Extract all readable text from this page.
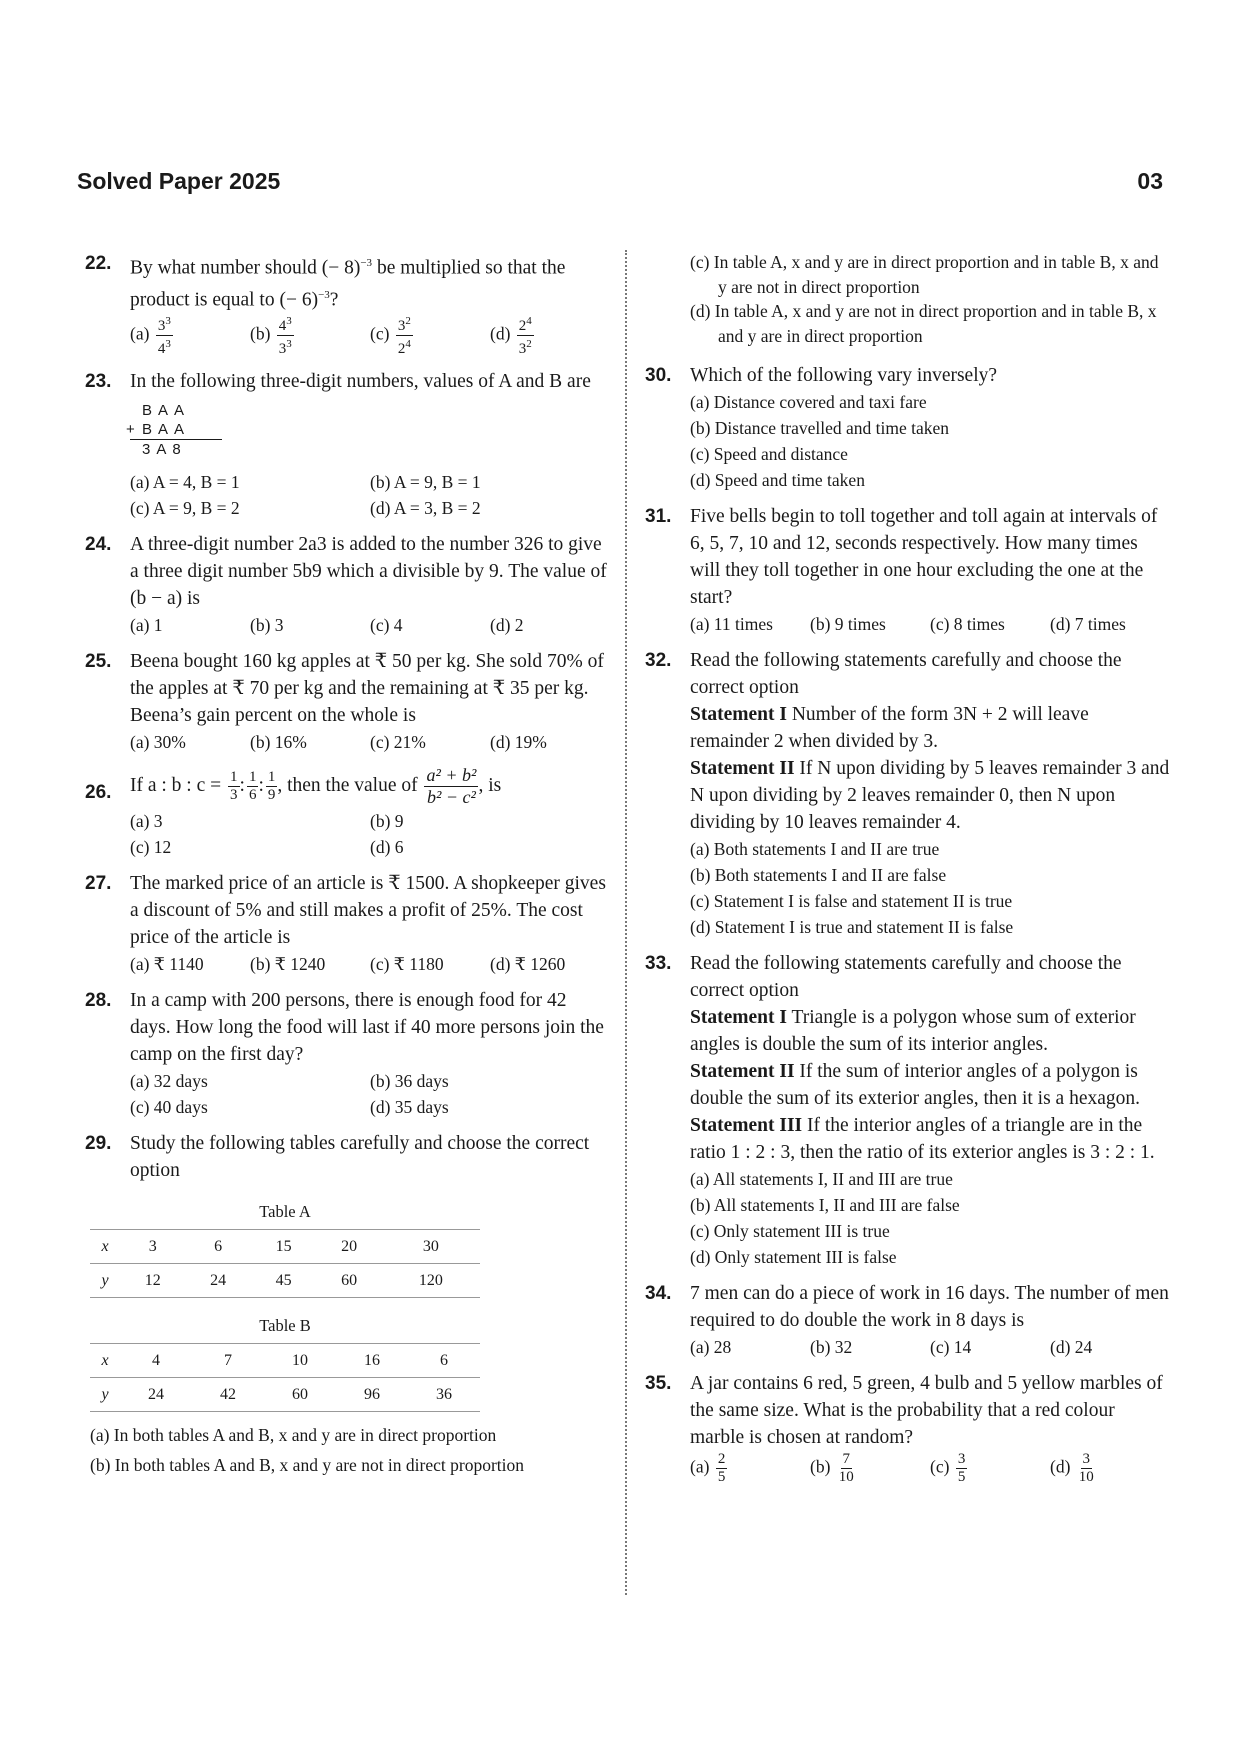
Solved Paper 2025	03
22. By what number should (− 8)$^{-3}$ be multiplied so that the product is equal to (− 6)$^{-3}$?
$(a) \frac{3^3}{4^3}$	$(b) \frac{4^3}{3^3}$	$(c) \frac{3^2}{2^4}$	$(d) \frac{2^4}{3^2}$
23. In the following three-digit numbers, values of A and B are
BAA
+ BAA
3A8
(a) A = 4, B = 1	(b) A = 9, B = 1
(c) A = 9, B = 2	(d) A = 3, B = 2
24. A three-digit number 2a3 is added to the number 326 to give a three digit number 5b9 which a divisible by 9. The value of (b − a) is
(a) 1	(b) 3	(c) 4	(d) 2
25. Beena bought 160 kg apples at ₹ 50 per kg. She sold 70% of the apples at ₹ 70 per kg and the remaining at ₹ 35 per kg. Beena’s gain percent on the whole is
(a) 30%	(b) 16%	(c) 21%	(d) 19%
26. If a : b : $c = \frac{1}{3}$ : $\frac{1}{6}$ : $\frac{1}{9}$ , then the value of $\frac{\text{a² + b²}}{\text{b² − c²}}$ , is
(a) 3	(b) 9
(c) 12	(d) 6
27. The marked price of an article is ₹ 1500. A shopkeeper gives a discount of 5% and still makes a profit of 25%. The cost price of the article is
(a) ₹ 1140	(b) ₹ 1240	(c) ₹ 1180	(d) ₹ 1260
28. In a camp with 200 persons, there is enough food for 42 days. How long the food will last if 40 more persons join the camp on the first day?
(a) 32 days	(b) 36 days
(c) 40 days	(d) 35 days
29. Study the following tables carefully and choose the correct option
Table A
x	3	6	15	20	30
y	12	24	45	60	120
Table B
x	4	7	10	16	6
y	24	42	60	96	36
(a) In both tables A and B, x and y are in direct proportion
(b) In both tables A and B, x and y are not in direct proportion
(c) In table A, x and y are in direct proportion and in table B, x and y are not in direct proportion
(d) In table A, x and y are not in direct proportion and in table B, x and y are in direct proportion
30. Which of the following vary inversely?
(a) Distance covered and taxi fare
(b) Distance travelled and time taken
(c) Speed and distance
(d) Speed and time taken
31. Five bells begin to toll together and toll again at intervals of 6, 5, 7, 10 and 12, seconds respectively. How many times will they toll together in one hour excluding the one at the start?
(a) 11 times	(b) 9 times	(c) 8 times	(d) 7 times
32. Read the following statements carefully and choose the correct option
Statement I Number of the form 3N + 2 will leave remainder 2 when divided by 3.
Statement II If N upon dividing by 5 leaves remainder 3 and N upon dividing by 2 leaves remainder 0, then N upon dividing by 10 leaves remainder 4.
(a) Both statements I and II are true
(b) Both statements I and II are false
(c) Statement I is false and statement II is true
(d) Statement I is true and statement II is false
33. Read the following statements carefully and choose the correct option
Statement I Triangle is a polygon whose sum of exterior angles is double the sum of its interior angles.
Statement II If the sum of interior angles of a polygon is double the sum of its exterior angles, then it is a hexagon.
Statement III If the interior angles of a triangle are in the ratio 1 : 2 : 3, then the ratio of its exterior angles is 3 : 2 : 1.
(a) All statements I, II and III are true
(b) All statements I, II and III are false
(c) Only statement III is true
(d) Only statement III is false
34. 7 men can do a piece of work in 16 days. The number of men required to do double the work in 8 days is
(a) 28	(b) 32	(c) 14	(d) 24
35. A jar contains 6 red, 5 green, 4 bulb and 5 yellow marbles of the same size. What is the probability that a red colour marble is chosen at random?
$(a) \frac{2}{5}$	$(b) \frac{7}{10}$	$(c) \frac{3}{5}$	$(d) \frac{3}{10}$
